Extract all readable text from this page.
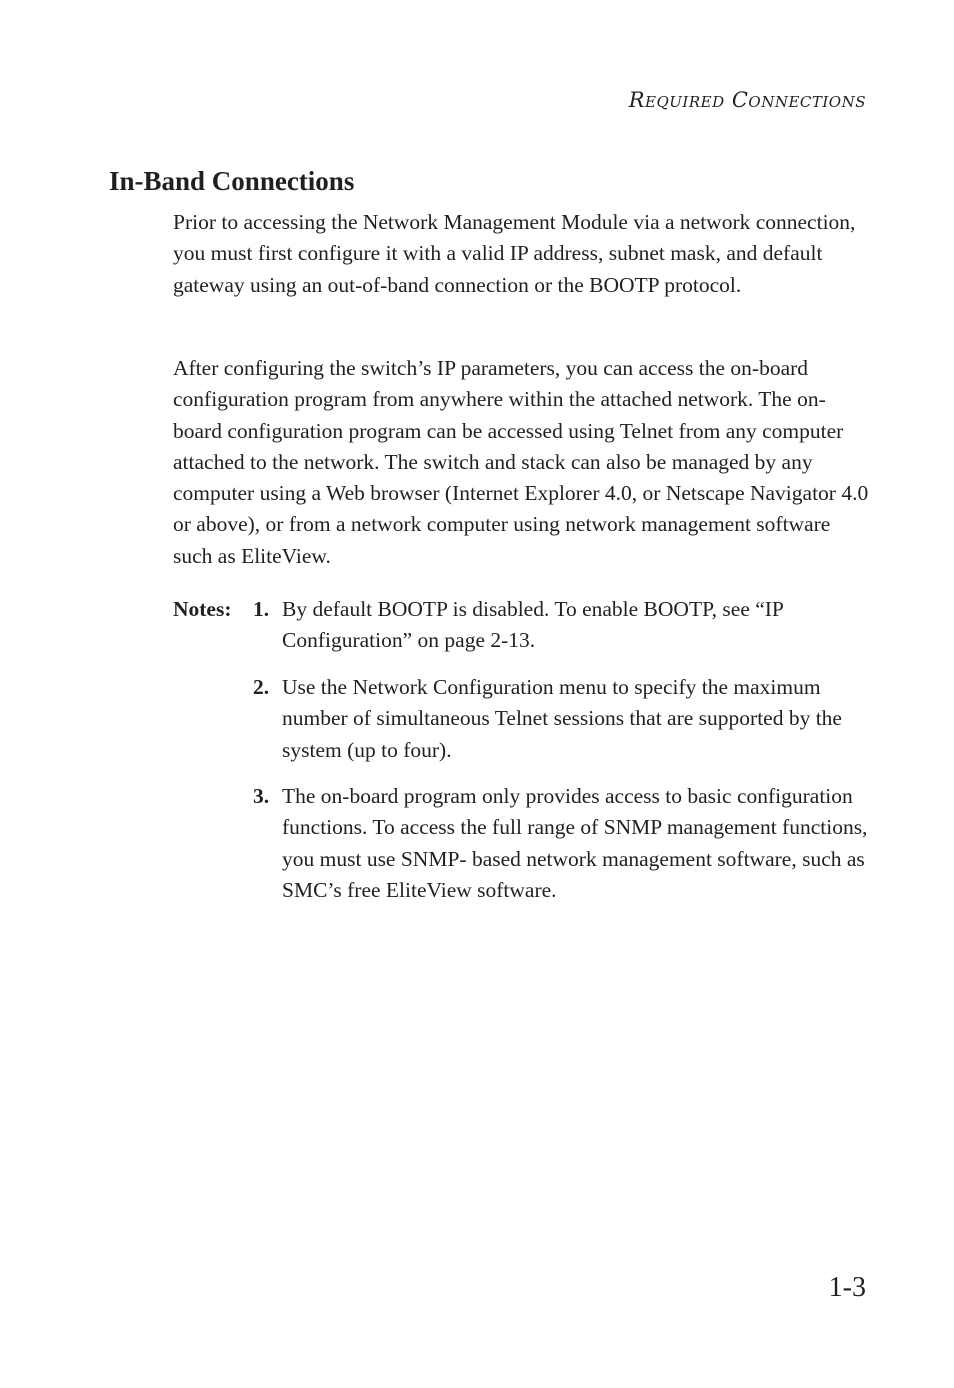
REQUIRED CONNECTIONS
In-Band Connections

Prior to accessing the Network Management Module via a network connection, you must first configure it with a valid IP address, subnet mask, and default gateway using an out-of-band connection or the BOOTP protocol.

After configuring the switch’s IP parameters, you can access the on-board configuration program from anywhere within the attached network. The on-board configuration program can be accessed using Telnet from any computer attached to the network. The switch and stack can also be managed by any computer using a Web browser (Internet Explorer 4.0, or Netscape Navigator 4.0 or above), or from a network computer using network management software such as EliteView.

Notes: 1. By default BOOTP is disabled. To enable BOOTP, see “IP Configuration” on page 2-13.
2. Use the Network Configuration menu to specify the maximum number of simultaneous Telnet sessions that are supported by the system (up to four).
3. The on-board program only provides access to basic configuration functions. To access the full range of SNMP management functions, you must use SNMP- based network management software, such as SMC’s free EliteView software.
1-3
